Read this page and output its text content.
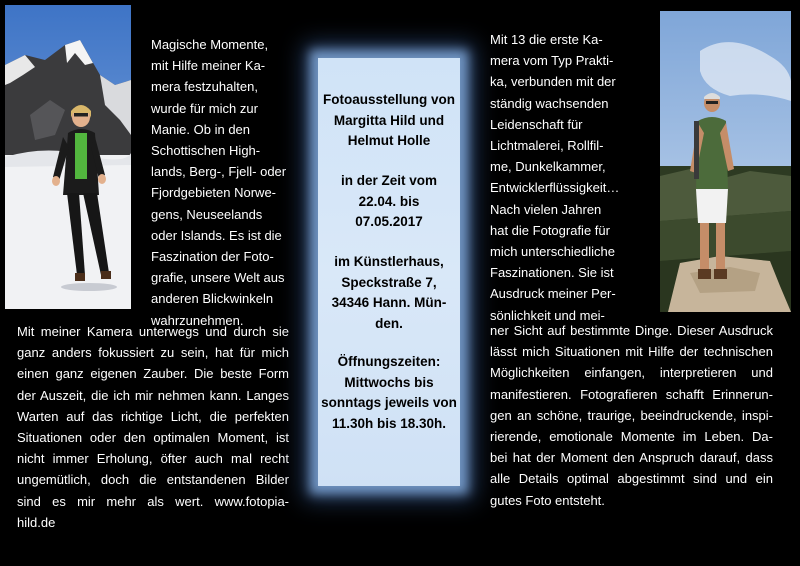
Magische Momente,
mit Hilfe meiner Ka-
mera festzuhalten,
wurde für mich zur
Manie. Ob in den
Schottischen High-
lands, Berg-, Fjell- oder
Fjordgebieten Norwe-
gens, Neuseelands
oder Islands. Es ist die
Faszination der Foto-
grafie, unsere Welt aus
anderen Blickwinkeln
wahrzunehmen.
Mit meiner Kamera unterwegs und durch sie
ganz anders fokussiert zu sein, hat für mich
einen ganz eigenen Zauber. Die beste Form
der Auszeit, die ich mir nehmen kann. Langes
Warten auf das richtige Licht, die perfekten
Situationen oder den optimalen Moment, ist
nicht immer Erholung, öfter auch mal recht
ungemütlich, doch die entstandenen Bilder
sind es mir mehr als wert. www.fotopia-
hild.de
Fotoausstellung von
Margitta Hild und
Helmut Holle
in der Zeit vom
22.04. bis
07.05.2017
im Künstlerhaus,
Speckstraße 7,
34346 Hann. Mün-
den.
Öffnungszeiten:
Mittwochs bis
sonntags jeweils von
11.30h bis 18.30h.
Mit 13 die erste Ka-
mera vom Typ Prakti-
ka, verbunden mit der
ständig wachsenden
Leidenschaft für
Lichtmalerei, Rollfil-
me, Dunkelkammer,
Entwicklerflüssigkeit…
Nach vielen Jahren
hat die Fotografie für
mich unterschiedliche
Faszinationen. Sie ist
Ausdruck meiner Per-
sönlichkeit und mei-
ner Sicht auf bestimmte Dinge. Dieser Ausdruck
lässt mich Situationen mit Hilfe der technischen
Möglichkeiten einfangen, interpretieren und
manifestieren. Fotografieren schafft Erinnerun-
gen an schöne, traurige, beeindruckende, inspi-
rierende, emotionale Momente im Leben. Da-
bei hat der Moment den Anspruch darauf, dass
alle Details optimal abgestimmt sind und ein
gutes Foto entsteht.
